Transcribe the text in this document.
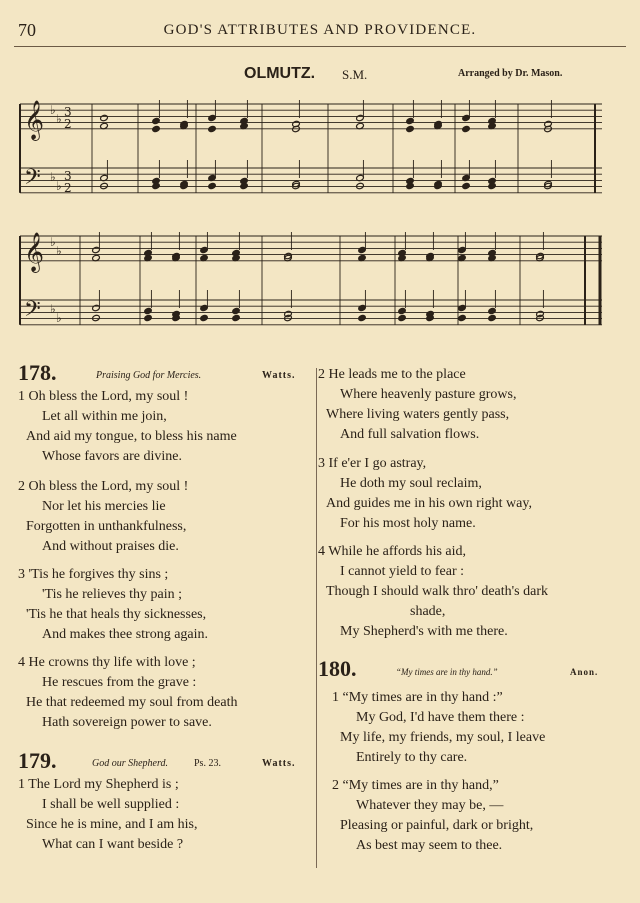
70	GOD'S ATTRIBUTES AND PROVIDENCE.
OLMUTZ. S.M.	Arranged by Dr. Mason.
𝄞
𝄢
𝄞
𝄢
♭
♭
♭
♭
♭
♭
♭
♭
3
2
3
2
178.	Praising God for Mercies.	Watts.
1 Oh bless the Lord, my soul !
Let all within me join,
And aid my tongue, to bless his name
Whose favors are divine.
2 Oh bless the Lord, my soul !
Nor let his mercies lie
Forgotten in unthankfulness,
And without praises die.
3 'Tis he forgives thy sins ;
'Tis he relieves thy pain ;
'Tis he that heals thy sicknesses,
And makes thee strong again.
4 He crowns thy life with love ;
He rescues from the grave :
He that redeemed my soul from death
Hath sovereign power to save.
179.	God our Shepherd.	Ps. 23.	Watts.
1 The Lord my Shepherd is ;
I shall be well supplied :
Since he is mine, and I am his,
What can I want beside ?
2 He leads me to the place
Where heavenly pasture grows,
Where living waters gently pass,
And full salvation flows.
3 If e'er I go astray,
He doth my soul reclaim,
And guides me in his own right way,
For his most holy name.
4 While he affords his aid,
I cannot yield to fear :
Though I should walk thro' death's dark
shade,
My Shepherd's with me there.
180.	“My times are in thy hand.”	Anon.
1 “My times are in thy hand :”
My God, I'd have them there :
My life, my friends, my soul, I leave
Entirely to thy care.
2 “My times are in thy hand,”
Whatever they may be, —
Pleasing or painful, dark or bright,
As best may seem to thee.
